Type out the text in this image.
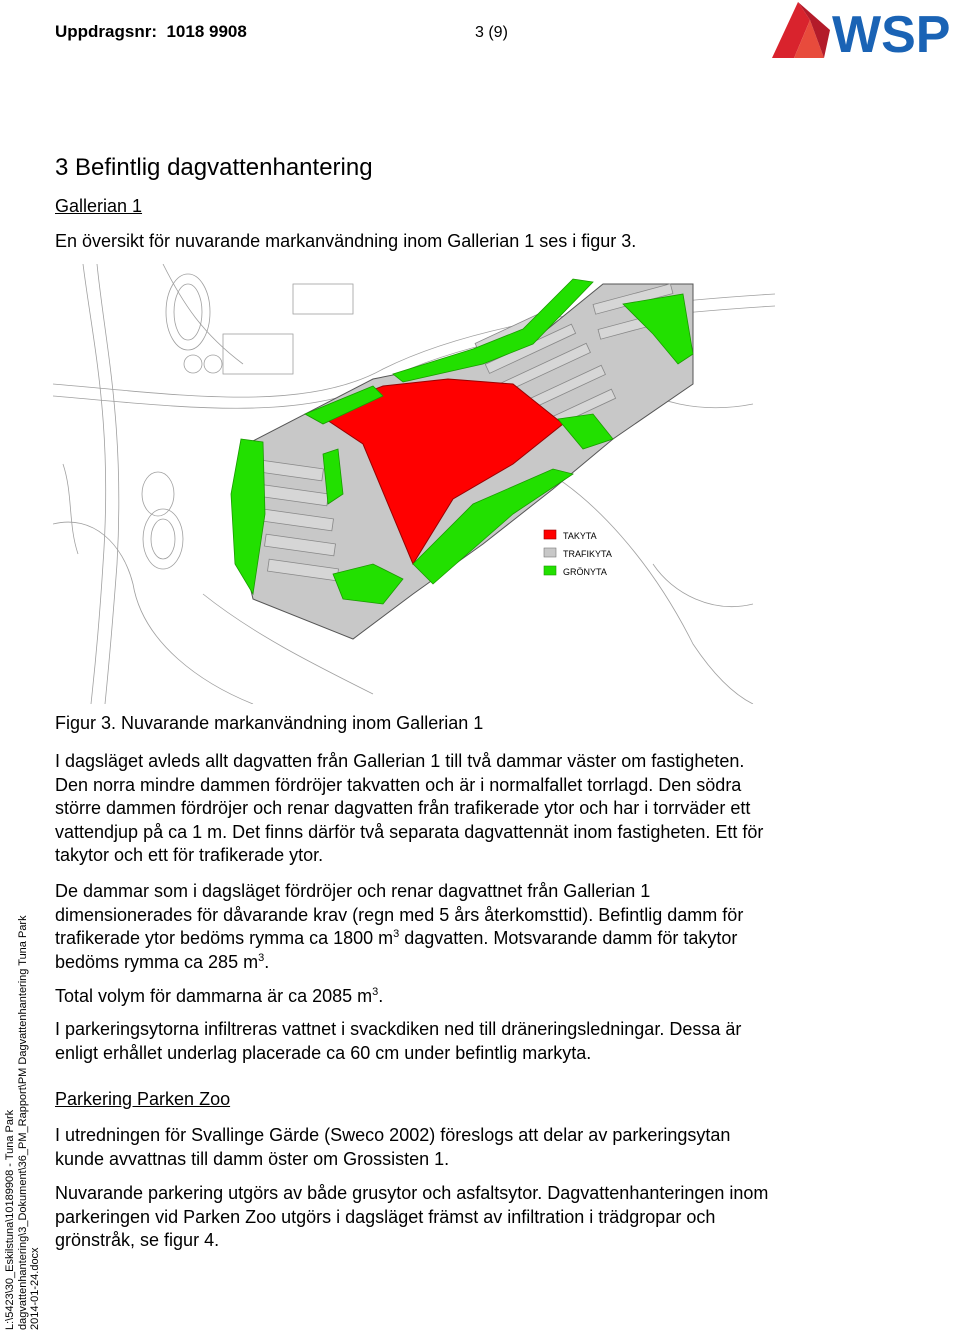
Uppdragsnr: 1018 9908	3 (9)	WSP
3 Befintlig dagvattenhantering
Gallerian 1

En översikt för nuvarande markanvändning inom Gallerian 1 ses i figur 3.

TAKYTA
TRAFIKYTA
GRÖNYTA
Figur 3. Nuvarande markanvändning inom Gallerian 1

I dagsläget avleds allt dagvatten från Gallerian 1 till två dammar väster om fastigheten. Den norra mindre dammen fördröjer takvatten och är i normalfallet torrlagd. Den södra större dammen fördröjer och renar dagvatten från trafikerade ytor och har i torrväder ett vattendjup på ca 1 m. Det finns därför två separata dagvattennät inom fastigheten. Ett för takytor och ett för trafikerade ytor.

De dammar som i dagsläget fördröjer och renar dagvattnet från Gallerian 1 dimensionerades för dåvarande krav (regn med 5 års återkomsttid). Befintlig damm för trafikerade ytor bedöms rymma ca 1800 $m^3$ dagvatten. Motsvarande damm för takytor bedöms rymma ca 285 $m^3$.

Total volym för dammarna är ca 2085 $m^3$.

I parkeringsytorna infiltreras vattnet i svackdiken ned till dräneringsledningar. Dessa är enligt erhållet underlag placerade ca 60 cm under befintlig markyta.

Parkering Parken Zoo

I utredningen för Svallinge Gärde (Sweco 2002) föreslogs att delar av parkeringsytan kunde avvattnas till damm öster om Grossisten 1.

Nuvarande parkering utgörs av både grusytor och asfaltsytor. Dagvattenhanteringen inom parkeringen vid Parken Zoo utgörs i dagsläget främst av infiltration i trädgropar och grönstråk, se figur 4.

L:\5423\30_Eskilstuna\10189908 - Tuna Park dagvattenhantering\3_Dokument\36_PM_Rapport\PM Dagvattenhantering Tuna Park 2014-01-24.docx
